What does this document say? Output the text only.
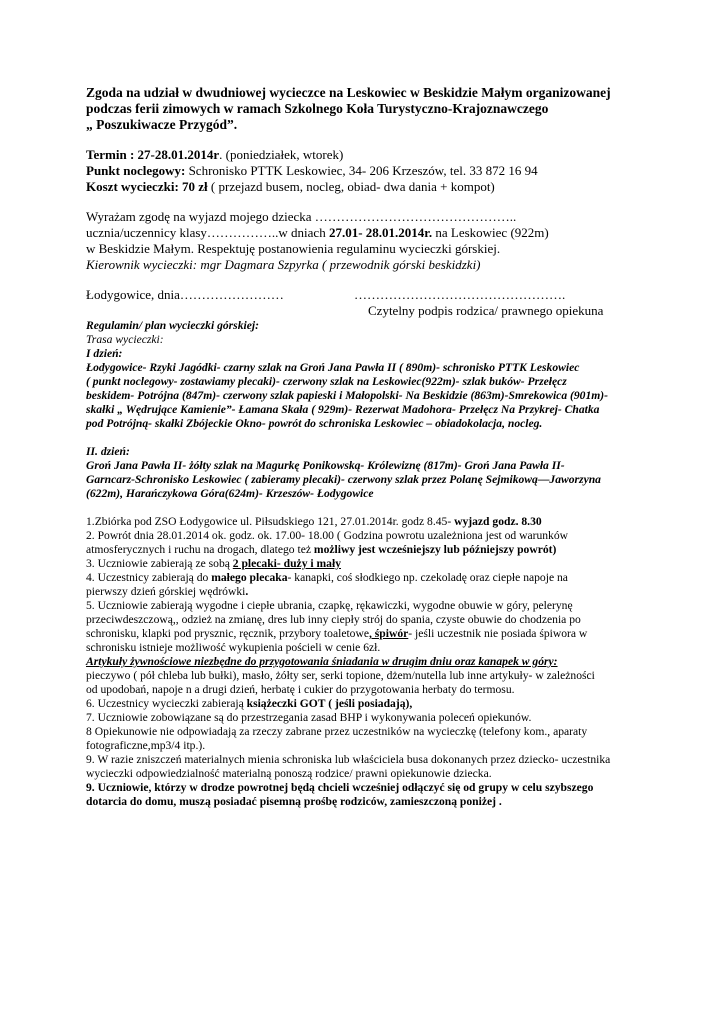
Zgoda na udział w dwudniowej wycieczce na Leskowiec w Beskidzie Małym organizowanej

podczas ferii zimowych w ramach Szkolnego Koła Turystyczno-Krajoznawczego

„ Poszukiwacze Przygód”.

Termin : 27-28.01.2014r. (poniedziałek, wtorek)

Punkt noclegowy: Schronisko PTTK Leskowiec, 34- 206 Krzeszów, tel. 33 872 16 94

Koszt wycieczki: 70 zł ( przejazd busem, nocleg, obiad- dwa dania + kompot)

Wyrażam zgodę na wyjazd mojego dziecka ………………………………………..

ucznia/uczennicy klasy……………..w dniach 27.01- 28.01.2014r. na Leskowiec (922m)

w Beskidzie Małym. Respektuję postanowienia regulaminu wycieczki górskiej.

Kierownik wycieczki: mgr Dagmara Szpyrka ( przewodnik górski beskidzki)

Łodygowice, dnia……………………	………………………………………….
Czytelny podpis rodzica/ prawnego opiekuna

Regulamin/ plan wycieczki górskiej:

Trasa wycieczki:

I dzień:

Łodygowice- Rzyki Jagódki- czarny szlak na Groń Jana Pawła II ( 890m)- schronisko PTTK Leskowiec

( punkt noclegowy- zostawiamy plecaki)- czerwony szlak na Leskowiec(922m)- szlak buków- Przełęcz

beskidem- Potrójna (847m)- czerwony szlak papieski i Małopolski- Na Beskidzie (863m)-Smrekowica (901m)-

skałki „ Wędrujące Kamienie”- Łamana Skała ( 929m)- Rezerwat Madohora- Przełęcz Na Przykrej- Chatka

pod Potrójną- skałki Zbójeckie Okno- powrót do schroniska Leskowiec – obiadokolacja, nocleg.

II. dzień:

Groń Jana Pawła II- żółty szlak na Magurkę Ponikowską- Królewiznę (817m)- Groń Jana Pawła II-

Garncarz-Schronisko Leskowiec ( zabieramy plecaki)- czerwony szlak przez Polanę Sejmikową—Jaworzyna

(622m), Harańczykowa Góra(624m)- Krzeszów- Łodygowice

1.Zbiórka pod ZSO Łodygowice ul. Piłsudskiego 121, 27.01.2014r. godz 8.45- wyjazd godz. 8.30

2. Powrót dnia 28.01.2014 ok. godz. ok. 17.00- 18.00 ( Godzina powrotu uzależniona jest od warunków

atmosferycznych i ruchu na drogach, dlatego też możliwy jest wcześniejszy lub późniejszy powrót)

3. Uczniowie zabierają ze sobą 2 plecaki- duży i mały

4. Uczestnicy zabierają do małego plecaka- kanapki, coś słodkiego np. czekoladę oraz ciepłe napoje na

pierwszy dzień górskiej wędrówki.

5. Uczniowie zabierają wygodne i ciepłe ubrania, czapkę, rękawiczki, wygodne obuwie w góry, pelerynę

przeciwdeszczową,, odzież na zmianę, dres lub inny ciepły strój do spania, czyste obuwie do chodzenia po

schronisku, klapki pod prysznic, ręcznik, przybory toaletowe, śpiwór- jeśli uczestnik nie posiada śpiwora w

schronisku istnieje możliwość wykupienia pościeli w cenie 6zł.

Artykuły żywnościowe niezbędne do przygotowania śniadania w drugim dniu oraz kanapek w góry:

pieczywo ( pół chleba lub bułki), masło, żółty ser, serki topione, dżem/nutella lub inne artykuły- w zależności

od upodobań, napoje n a drugi dzień, herbatę i cukier do przygotowania herbaty do termosu.

6. Uczestnicy wycieczki zabierają książeczki GOT ( jeśli posiadają),

7. Uczniowie zobowiązane są do przestrzegania zasad BHP i wykonywania poleceń opiekunów.

8 Opiekunowie nie odpowiadają za rzeczy zabrane przez uczestników na wycieczkę (telefony kom., aparaty

fotograficzne,mp3/4 itp.).

9. W razie zniszczeń materialnych mienia schroniska lub właściciela busa dokonanych przez dziecko- uczestnika

wycieczki odpowiedzialność materialną ponoszą rodzice/ prawni opiekunowie dziecka.

9. Uczniowie, którzy w drodze powrotnej będą chcieli wcześniej odłączyć się od grupy w celu szybszego

dotarcia do domu, muszą posiadać pisemną prośbę rodziców, zamieszczoną poniżej .
